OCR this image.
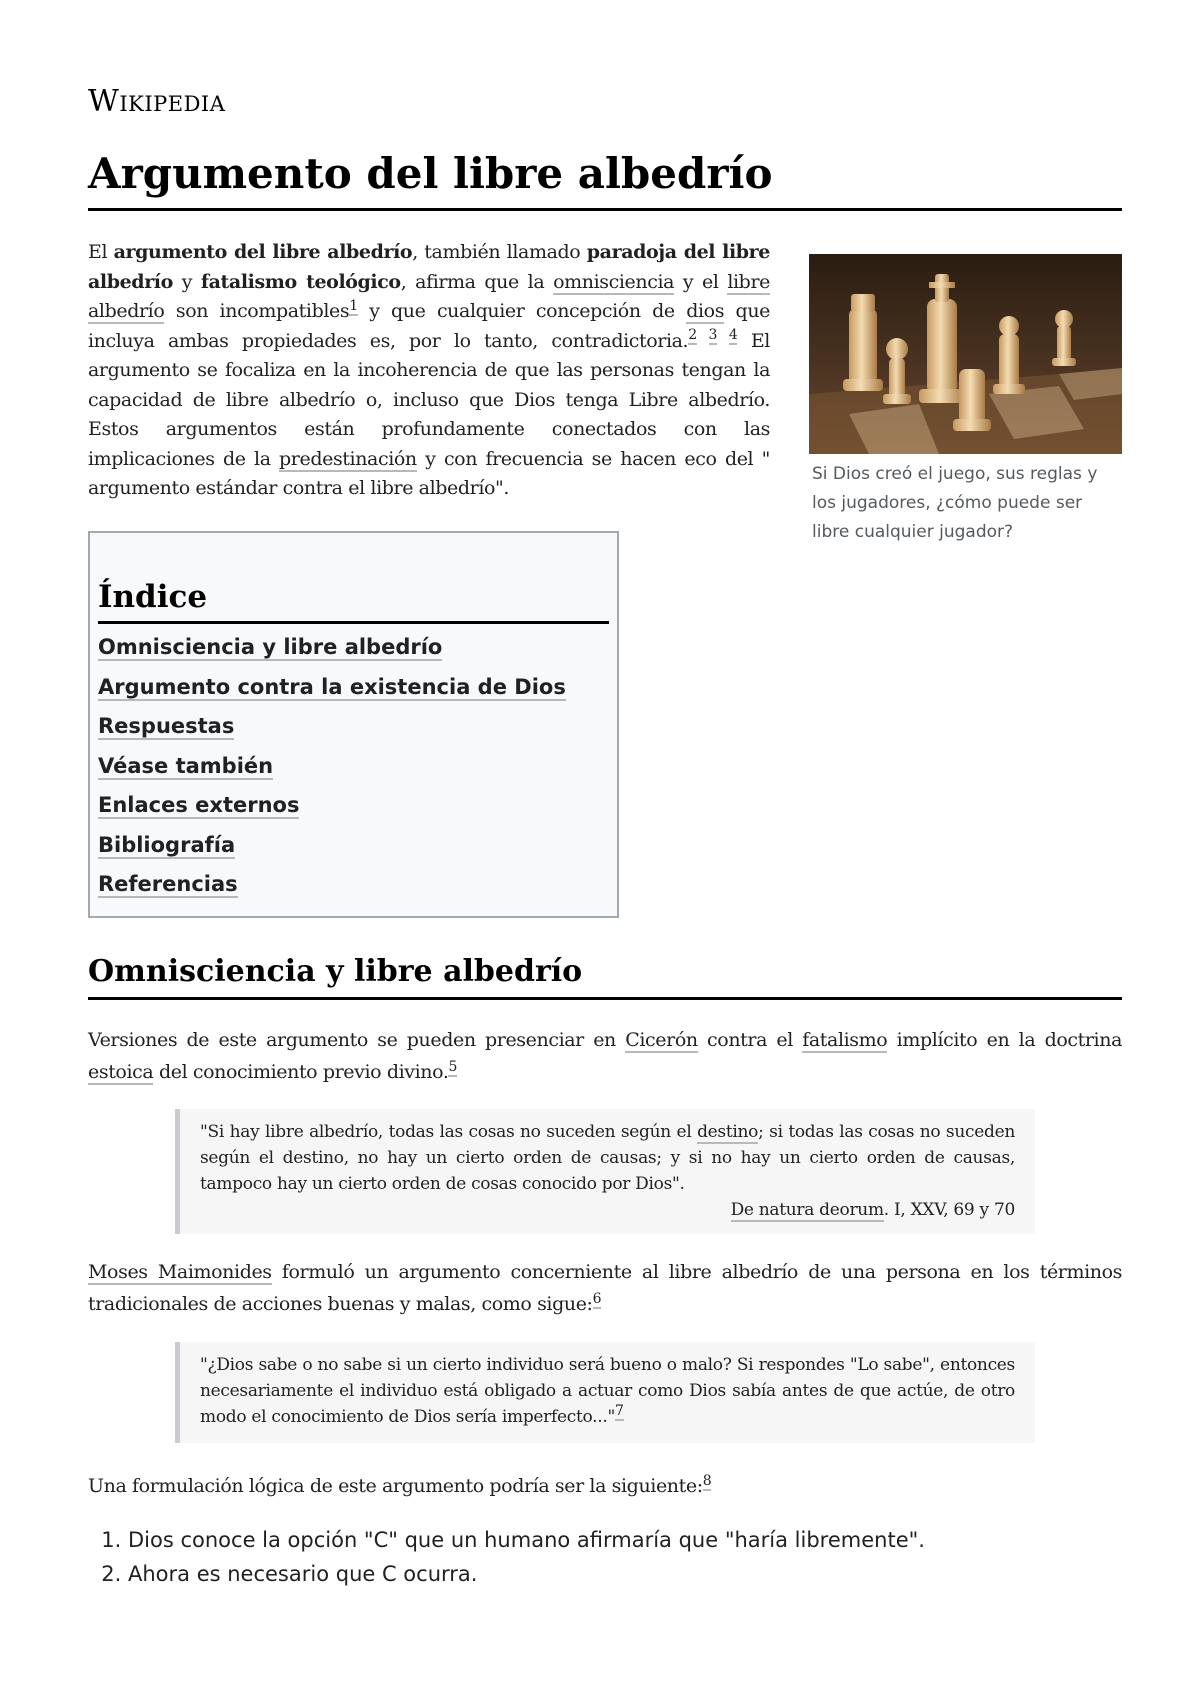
Wikipedia
Argumento del libre albedrío

El argumento del libre albedrío, también llamado paradoja del libre albedrío y fatalismo teológico, afirma que la omnisciencia y el libre albedrío son incompatibles$^1$ y que cualquier concepción de dios que incluya ambas propiedades es, por lo tanto, contradictoria.$^{2 3 4}$ El argumento se focaliza en la incoherencia de que las personas tengan la capacidad de libre albedrío o, incluso que Dios tenga Libre albedrío. Estos argumentos están profundamente conectados con las implicaciones de la predestinación y con frecuencia se hacen eco del " argumento estándar contra el libre albedrío".

Si Dios creó el juego, sus reglas y los jugadores, ¿cómo puede ser libre cualquier jugador?
Índice
Omnisciencia y libre albedrío
Argumento contra la existencia de Dios
Respuestas
Véase también
Enlaces externos
Bibliografía
Referencias
Omnisciencia y libre albedrío

Versiones de este argumento se pueden presenciar en Cicerón contra el fatalismo implícito en la doctrina estoica del conocimiento previo divino.$^5$

"Si hay libre albedrío, todas las cosas no suceden según el destino; si todas las cosas no suceden según el destino, no hay un cierto orden de causas; y si no hay un cierto orden de causas, tampoco hay un cierto orden de cosas conocido por Dios".
De natura deorum. I, XXV, 69 y 70

Moses Maimonides formuló un argumento concerniente al libre albedrío de una persona en los términos tradicionales de acciones buenas y malas, como sigue:$^6$

"¿Dios sabe o no sabe si un cierto individuo será bueno o malo? Si respondes "Lo sabe", entonces necesariamente el individuo está obligado a actuar como Dios sabía antes de que actúe, de otro modo el conocimiento de Dios sería imperfecto..."$^7$

Una formulación lógica de este argumento podría ser la siguiente:$^8$

1. Dios conoce la opción "C" que un humano afirmaría que "haría libremente".
2. Ahora es necesario que C ocurra.
